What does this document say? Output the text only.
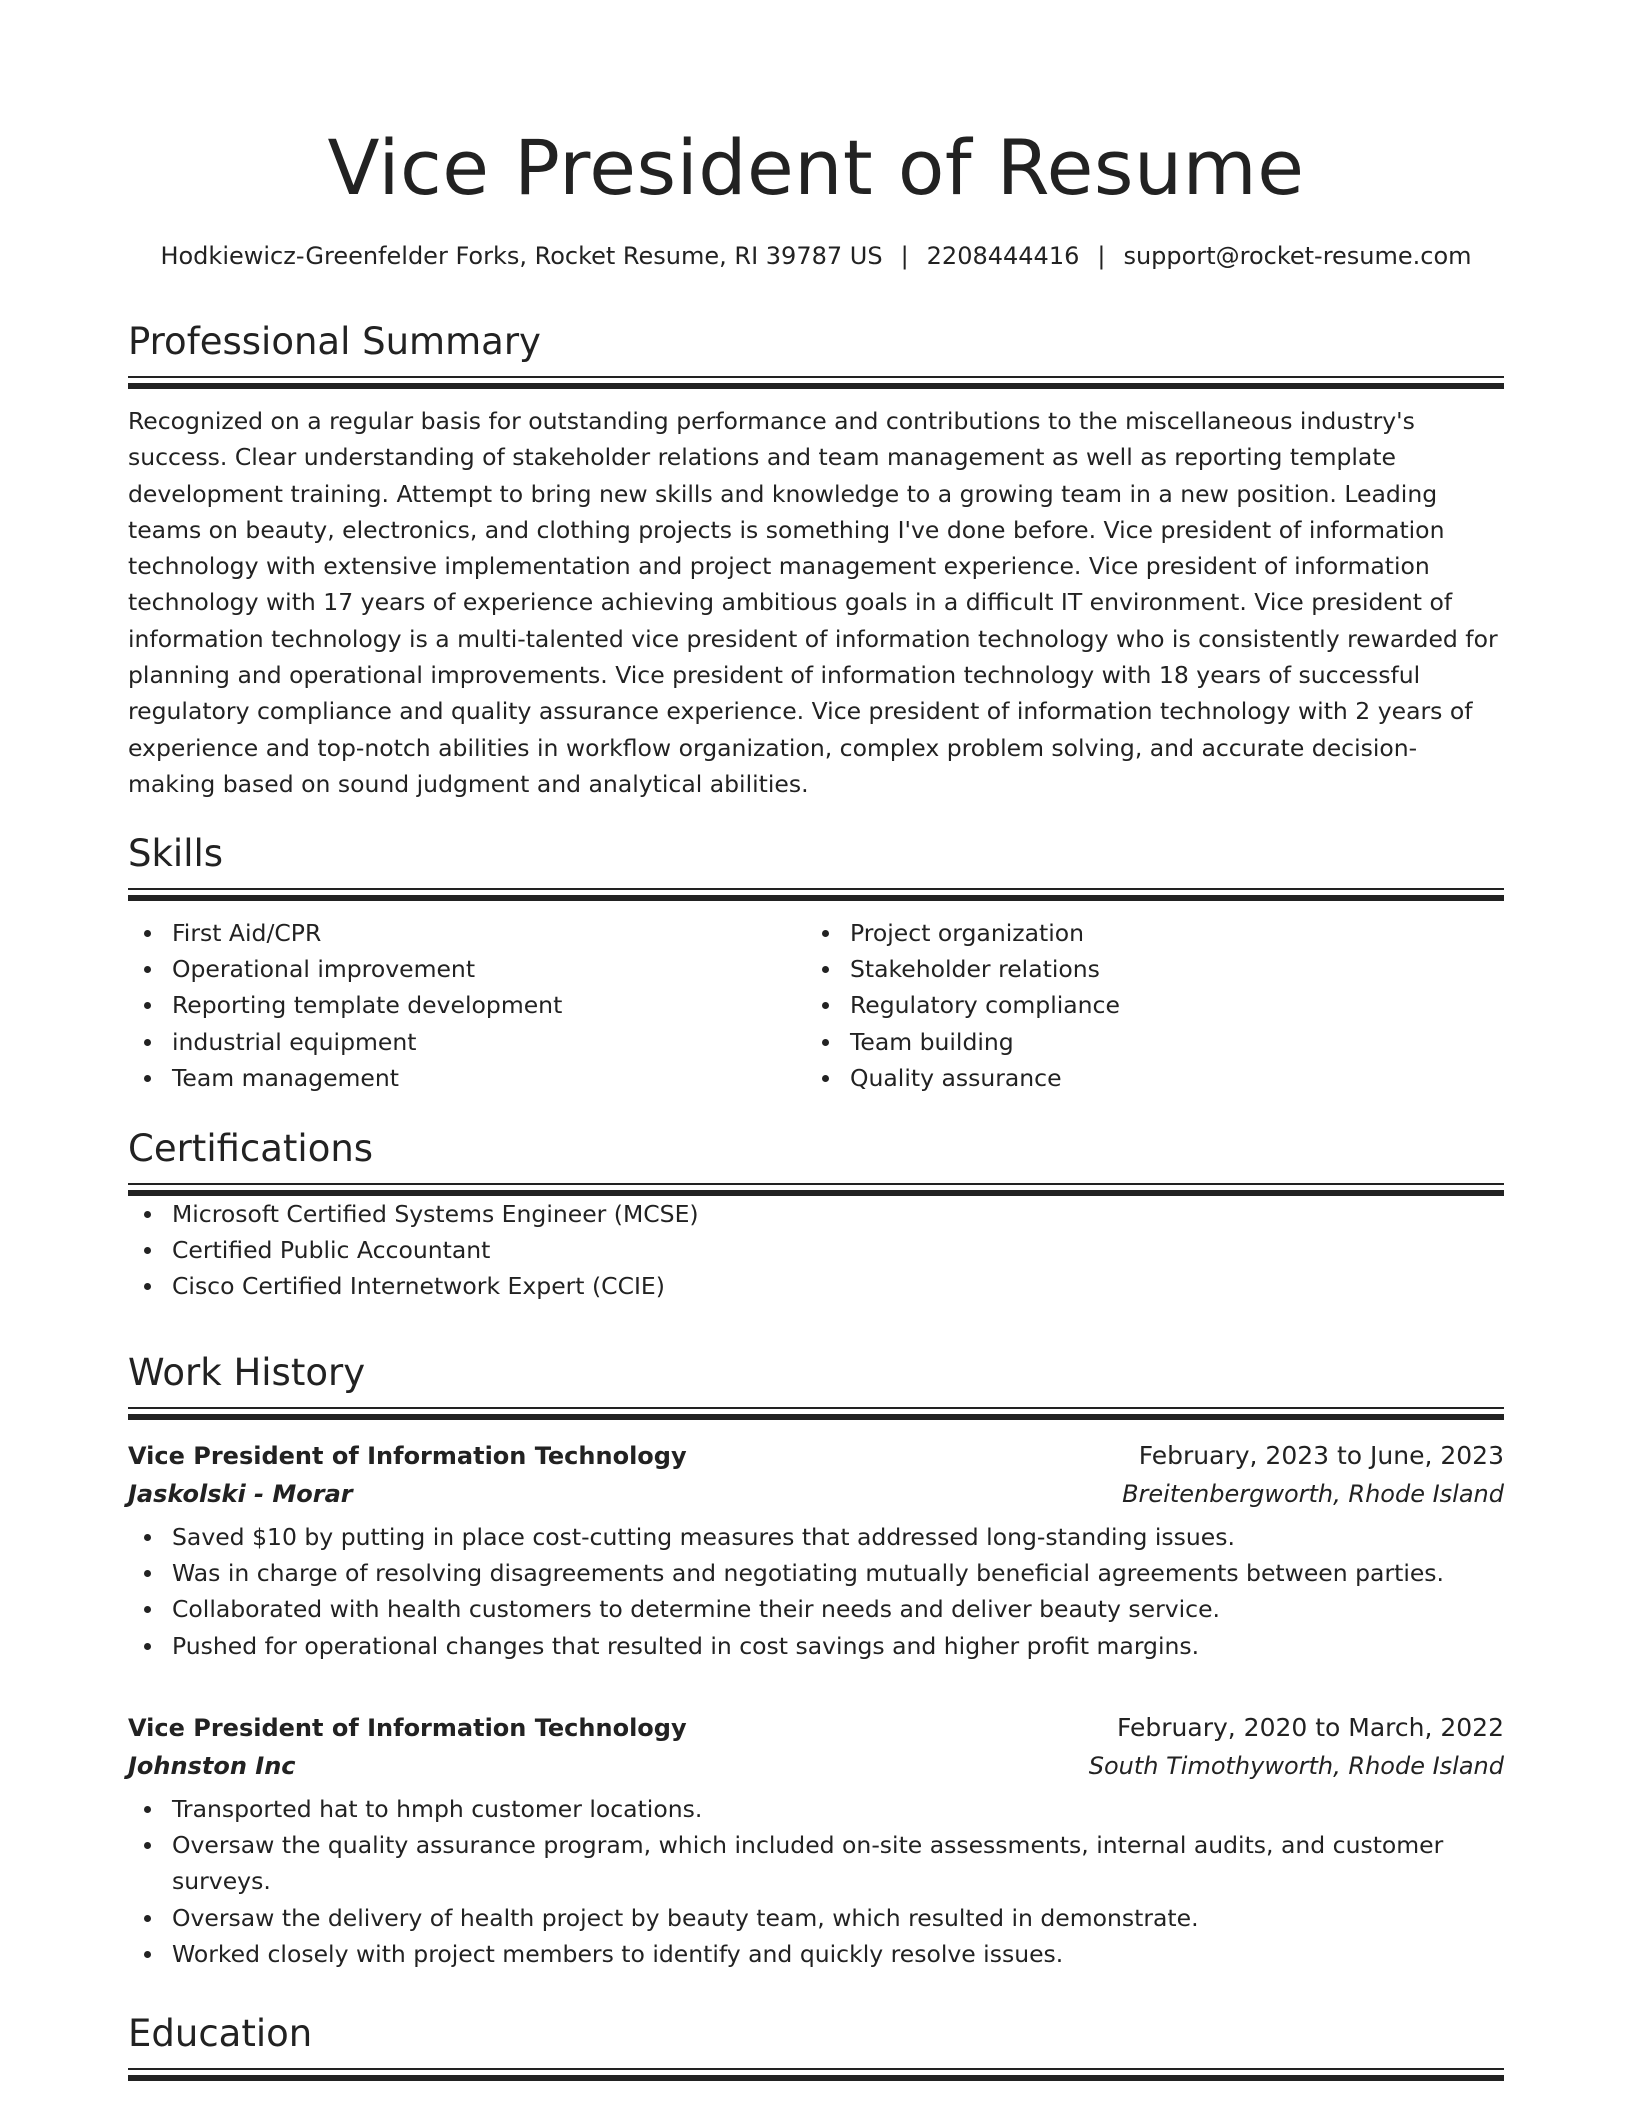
Vice President of Resume
Hodkiewicz-Greenfelder Forks, Rocket Resume, RI 39787 US | 2208444416 | support@rocket-resume.com
Professional Summary
Recognized on a regular basis for outstanding performance and contributions to the miscellaneous industry's success. Clear understanding of stakeholder relations and team management as well as reporting template development training. Attempt to bring new skills and knowledge to a growing team in a new position. Leading teams on beauty, electronics, and clothing projects is something I've done before. Vice president of information technology with extensive implementation and project management experience. Vice president of information technology with 17 years of experience achieving ambitious goals in a difficult IT environment. Vice president of information technology is a multi-talented vice president of information technology who is consistently rewarded for planning and operational improvements. Vice president of information technology with 18 years of successful regulatory compliance and quality assurance experience. Vice president of information technology with 2 years of experience and top-notch abilities in workflow organization, complex problem solving, and accurate decision-making based on sound judgment and analytical abilities.
Skills
First Aid/CPR
Operational improvement
Reporting template development
industrial equipment
Team management
Project organization
Stakeholder relations
Regulatory compliance
Team building
Quality assurance
Certifications
Microsoft Certified Systems Engineer (MCSE)
Certified Public Accountant
Cisco Certified Internetwork Expert (CCIE)
Work History
Vice President of Information Technology	February, 2023 to June, 2023
Jaskolski - Morar	Breitenbergworth, Rhode Island
Saved $10 by putting in place cost-cutting measures that addressed long-standing issues.
Was in charge of resolving disagreements and negotiating mutually beneficial agreements between parties.
Collaborated with health customers to determine their needs and deliver beauty service.
Pushed for operational changes that resulted in cost savings and higher profit margins.
Vice President of Information Technology	February, 2020 to March, 2022
Johnston Inc	South Timothyworth, Rhode Island
Transported hat to hmph customer locations.
Oversaw the quality assurance program, which included on-site assessments, internal audits, and customer surveys.
Oversaw the delivery of health project by beauty team, which resulted in demonstrate.
Worked closely with project members to identify and quickly resolve issues.
Education
